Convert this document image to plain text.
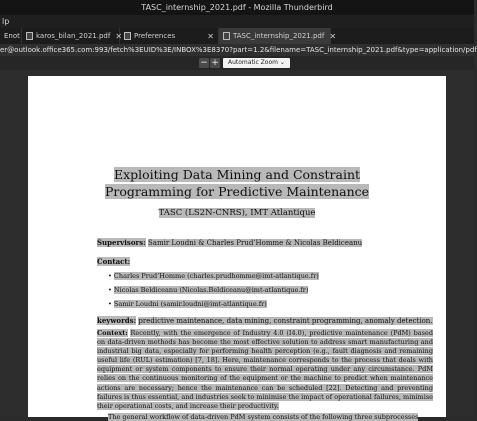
TASC_internship_2021.pdf - Mozilla Thunderbird
lp
Enot karos_bilan_2021.pdf ✕ Preferences	✕	TASC_internship_2021.pdf ✕
er@outlook.office365.com:993/fetch%3EUID%3E/INBOX%3E8370?part=1.2&filename=TASC_internship_2021.pdf&type=application/pdf
− +	Automatic Zoom ⌄
Exploiting Data Mining and Constraint
Programming for Predictive Maintenance
TASC (LS2N-CNRS), IMT Atlantique
Supervisors: Samir Loudni & Charles Prud’Homme & Nicolas Beldiceanu
Contact:
• Charles Prud’Homme (charles.prudhomme@imt-atlantique.fr)
• Nicolas Beldiceanu (Nicolas.Beldiceanu@imt-atlantique.fr)
• Samir Loudni (samir.loudni@imt-atlantique.fr)
keywords: predictive maintenance, data mining, constraint programming, anomaly detection.
Context: Recently, with the emergence of Industry 4.0 (I4.0), predictive maintenance (PdM) based on data-driven methods has become the most effective solution to address smart manufacturing and industrial big data, especially for performing health perception (e.g., fault diagnosis and remaining useful life (RUL) estimation) [7, 18]. Here, maintenance corresponds to the process that deals with equipment or system components to ensure their normal operating under any circumstance. PdM relies on the continuous monitoring of the equipment or the machine to predict when maintenance actions are necessary; hence the maintenance can be scheduled [22]. Detecting and preventing failures is thus essential, and industries seek to minimise the impact of operational failures, minimise their operational costs, and increase their productivity.
The general workflow of data-driven PdM system consists of the following three subprocesses
